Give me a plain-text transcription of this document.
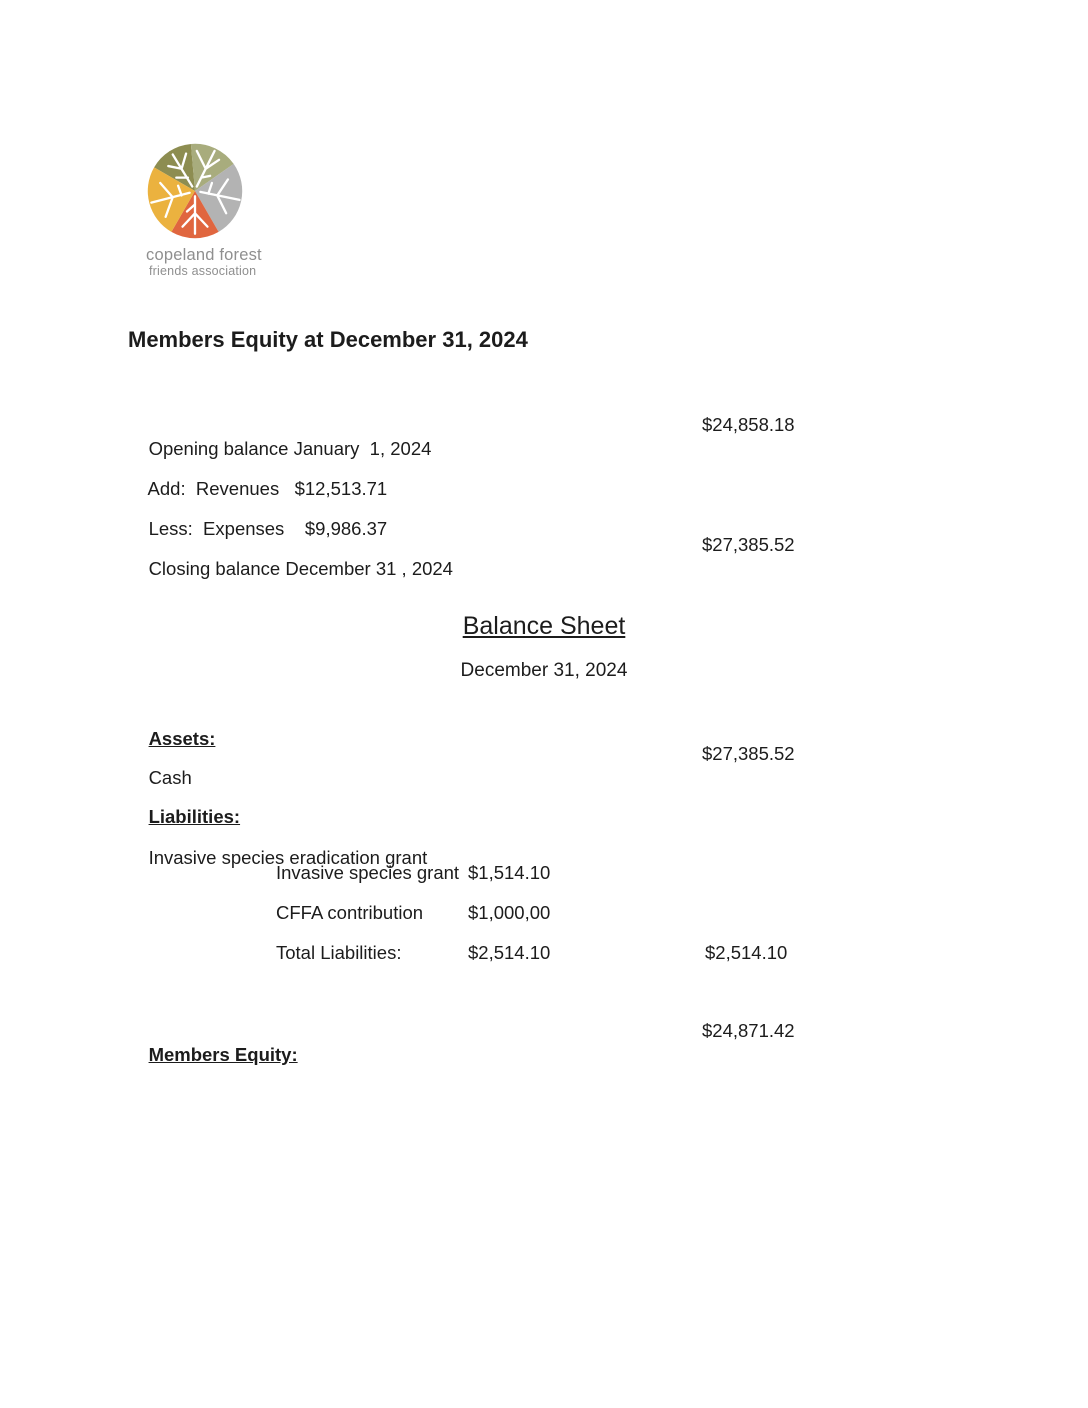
copeland forest
friends association
Members Equity at December 31, 2024

Opening balance January  1, 2024

$24,858.18

Add:  Revenues   $12,513.71

Less:  Expenses    $9,986.37

Closing balance December 31 , 2024

$27,385.52

Balance Sheet
December 31, 2024

Assets:

Cash

$27,385.52

Liabilities:

Invasive species eradication grant

Invasive species grant

$1,514.10

CFFA contribution

$1,000,00

Total Liabilities:

	$2,514.10

	$2,514.10

Members Equity:

$24,871.42
